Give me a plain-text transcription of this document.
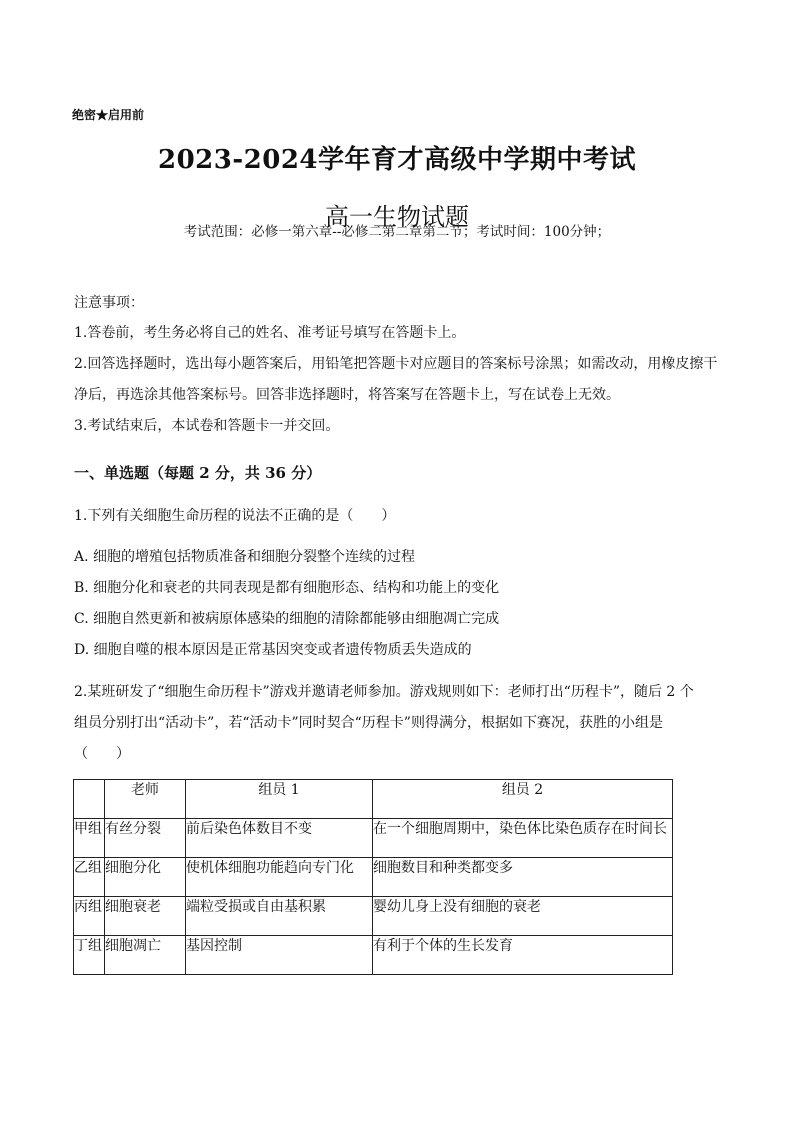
绝密★启用前
2023-2024学年育才高级中学期中考试
高一生物试题
考试范围：必修一第六章--必修二第二章第二节；考试时间：100分钟；
注意事项：
1.答卷前，考生务必将自己的姓名、准考证号填写在答题卡上。
2.回答选择题时，选出每小题答案后，用铅笔把答题卡对应题目的答案标号涂黑；如需改动，用橡皮擦干
净后，再选涂其他答案标号。回答非选择题时，将答案写在答题卡上，写在试卷上无效。
3.考试结束后，本试卷和答题卡一并交回。
一、单选题（每题 2 分，共 36 分）
1.下列有关细胞生命历程的说法不正确的是（　　）
A. 细胞的增殖包括物质准备和细胞分裂整个连续的过程
B. 细胞分化和衰老的共同表现是都有细胞形态、结构和功能上的变化
C. 细胞自然更新和被病原体感染的细胞的清除都能够由细胞凋亡完成
D. 细胞自噬的根本原因是正常基因突变或者遗传物质丢失造成的
2.某班研发了“细胞生命历程卡”游戏并邀请老师参加。游戏规则如下：老师打出“历程卡”，随后 2 个
组员分别打出“活动卡”，若“活动卡”同时契合“历程卡”则得满分，根据如下赛况，获胜的小组是
（　　）

	老师	组员 1	组员 2

甲组	有丝分裂	前后染色体数目不变	在一个细胞周期中，染色体比染色质存在时间长

乙组	细胞分化	使机体细胞功能趋向专门化	细胞数目和种类都变多

丙组	细胞衰老	端粒受损或自由基积累	婴幼儿身上没有细胞的衰老

丁组	细胞凋亡	基因控制	有利于个体的生长发育
